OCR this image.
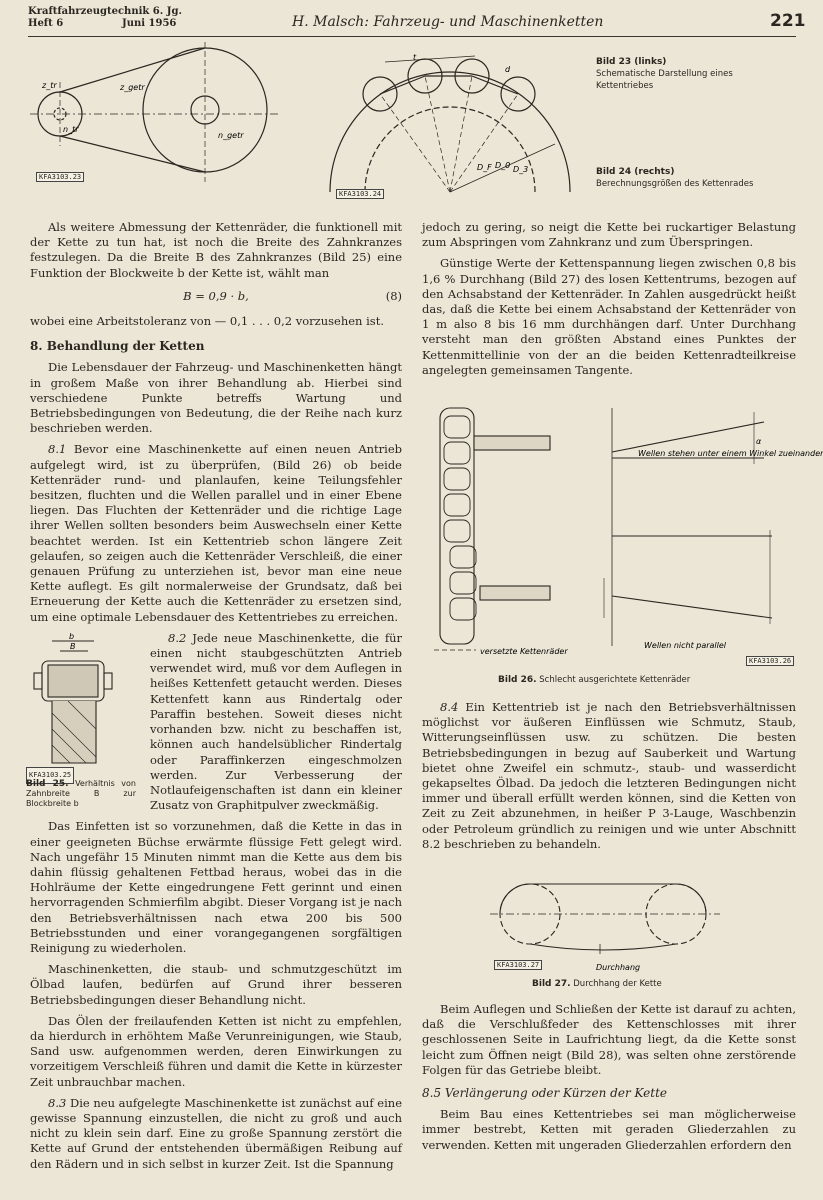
Kraftfahrzeugtechnik 6. Jg.
Heft 6	Juni 1956	H. Malsch: Fahrzeug- und Maschinenketten	221
z_tr	z_getr
n_tr
n_getr
KFA3103.23
t
d
D_F D_0 D_3
KFA3103.24
Bild 23 (links)
Schematische Darstellung eines Kettentriebes
Bild 24 (rechts)
Berechnungsgrößen des Kettenrades

Als weitere Abmessung der Kettenräder, die funktionell mit der Kette zu tun hat, ist noch die Breite des Zahnkranzes festzulegen. Da die Breite B des Zahnkranzes (Bild 25) eine Funktion der Blockweite b der Kette ist, wählt man

B = 0,9 · b,	(8)

wobei eine Arbeitstoleranz von — 0,1 . . . 0,2 vorzusehen ist.

8. Behandlung der Ketten

Die Lebensdauer der Fahrzeug- und Maschinenketten hängt in großem Maße von ihrer Behandlung ab. Hierbei sind verschiedene Punkte betreffs Wartung und Betriebsbedingungen von Bedeutung, die der Reihe nach kurz beschrieben werden.

8.1 Bevor eine Maschinenkette auf einen neuen Antrieb aufgelegt wird, ist zu überprüfen, (Bild 26) ob beide Kettenräder rund- und planlaufen, keine Teilungsfehler besitzen, fluchten und die Wellen parallel und in einer Ebene liegen. Das Fluchten der Kettenräder und die richtige Lage ihrer Wellen sollten besonders beim Auswechseln einer Kette beachtet werden. Ist ein Kettentrieb schon längere Zeit gelaufen, so zeigen auch die Kettenräder Verschleiß, die einer genauen Prüfung zu unterziehen ist, bevor man eine neue Kette auflegt. Es gilt normalerweise der Grundsatz, daß bei Erneuerung der Kette auch die Kettenräder zu ersetzen sind, um eine optimale Lebensdauer des Kettentriebes zu erreichen.

b
B
KFA3103.25
Bild 25. Verhältnis von Zahnbreite B zur Blockbreite b

8.2 Jede neue Maschinenkette, die für einen nicht staubgeschützten Antrieb verwendet wird, muß vor dem Auflegen in heißes Kettenfett getaucht werden. Dieses Kettenfett kann aus Rindertalg oder Paraffin bestehen. Soweit dieses nicht vorhanden bzw. nicht zu beschaffen ist, können auch handelsüblicher Rindertalg oder Paraffinkerzen eingeschmolzen werden. Zur Verbesserung der Notlaufeigenschaften ist dann ein kleiner Zusatz von Graphitpulver zweckmäßig.

Das Einfetten ist so vorzunehmen, daß die Kette in das in einer geeigneten Büchse erwärmte flüssige Fett gelegt wird. Nach ungefähr 15 Minuten nimmt man die Kette aus dem bis dahin flüssig gehaltenen Fettbad heraus, wobei das in die Hohlräume der Kette eingedrungene Fett gerinnt und einen hervorragenden Schmierfilm abgibt. Dieser Vorgang ist je nach den Betriebsverhältnissen nach etwa 200 bis 500 Betriebsstunden und einer vorangegangenen sorgfältigen Reinigung zu wiederholen.

Maschinenketten, die staub- und schmutzgeschützt im Ölbad laufen, bedürfen auf Grund ihrer besseren Betriebsbedingungen dieser Behandlung nicht.

Das Ölen der freilaufenden Ketten ist nicht zu empfehlen, da hierdurch in erhöhtem Maße Verunreinigungen, wie Staub, Sand usw. aufgenommen werden, deren Einwirkungen zu vorzeitigem Verschleiß führen und damit die Kette in kürzester Zeit unbrauchbar machen.

8.3 Die neu aufgelegte Maschinenkette ist zunächst auf eine gewisse Spannung einzustellen, die nicht zu groß und auch nicht zu klein sein darf. Eine zu große Spannung zerstört die Kette auf Grund der entstehenden übermäßigen Reibung auf den Rädern und in sich selbst in kurzer Zeit. Ist die Spannung

jedoch zu gering, so neigt die Kette bei ruckartiger Belastung zum Abspringen vom Zahnkranz und zum Überspringen.

Günstige Werte der Kettenspannung liegen zwischen 0,8 bis 1,6 % Durchhang (Bild 27) des losen Kettentrums, bezogen auf den Achsabstand der Kettenräder. In Zahlen ausgedrückt heißt das, daß die Kette bei einem Achsabstand der Kettenräder von 1 m also 8 bis 16 mm durchhängen darf. Unter Durchhang versteht man den größten Abstand eines Punktes der Kettenmittellinie von der an die beiden Kettenradteilkreise angelegten gemeinsamen Tangente.

α
Wellen stehen unter einem Winkel zueinander
Wellen nicht parallel
versetzte Kettenräder
KFA3103.26
Bild 26. Schlecht ausgerichtete Kettenräder

8.4 Ein Kettentrieb ist je nach den Betriebsverhältnissen möglichst vor äußeren Einflüssen wie Schmutz, Staub, Witterungseinflüssen usw. zu schützen. Die besten Betriebsbedingungen in bezug auf Sauberkeit und Wartung bietet ohne Zweifel ein schmutz-, staub- und wasserdicht gekapseltes Ölbad. Da jedoch die letzteren Bedingungen nicht immer und überall erfüllt werden können, sind die Ketten von Zeit zu Zeit abzunehmen, in heißer P 3-Lauge, Waschbenzin oder Petroleum gründlich zu reinigen und wie unter Abschnitt 8.2 beschrieben zu behandeln.

Durchhang
KFA3103.27
Bild 27. Durchhang der Kette

Beim Auflegen und Schließen der Kette ist darauf zu achten, daß die Verschlußfeder des Kettenschlosses mit ihrer geschlossenen Seite in Laufrichtung liegt, da die Kette sonst leicht zum Öffnen neigt (Bild 28), was selten ohne zerstörende Folgen für das Getriebe bleibt.

8.5 Verlängerung oder Kürzen der Kette

Beim Bau eines Kettentriebes sei man möglicherweise immer bestrebt, Ketten mit geraden Gliederzahlen zu verwenden. Ketten mit ungeraden Gliederzahlen erfordern den
